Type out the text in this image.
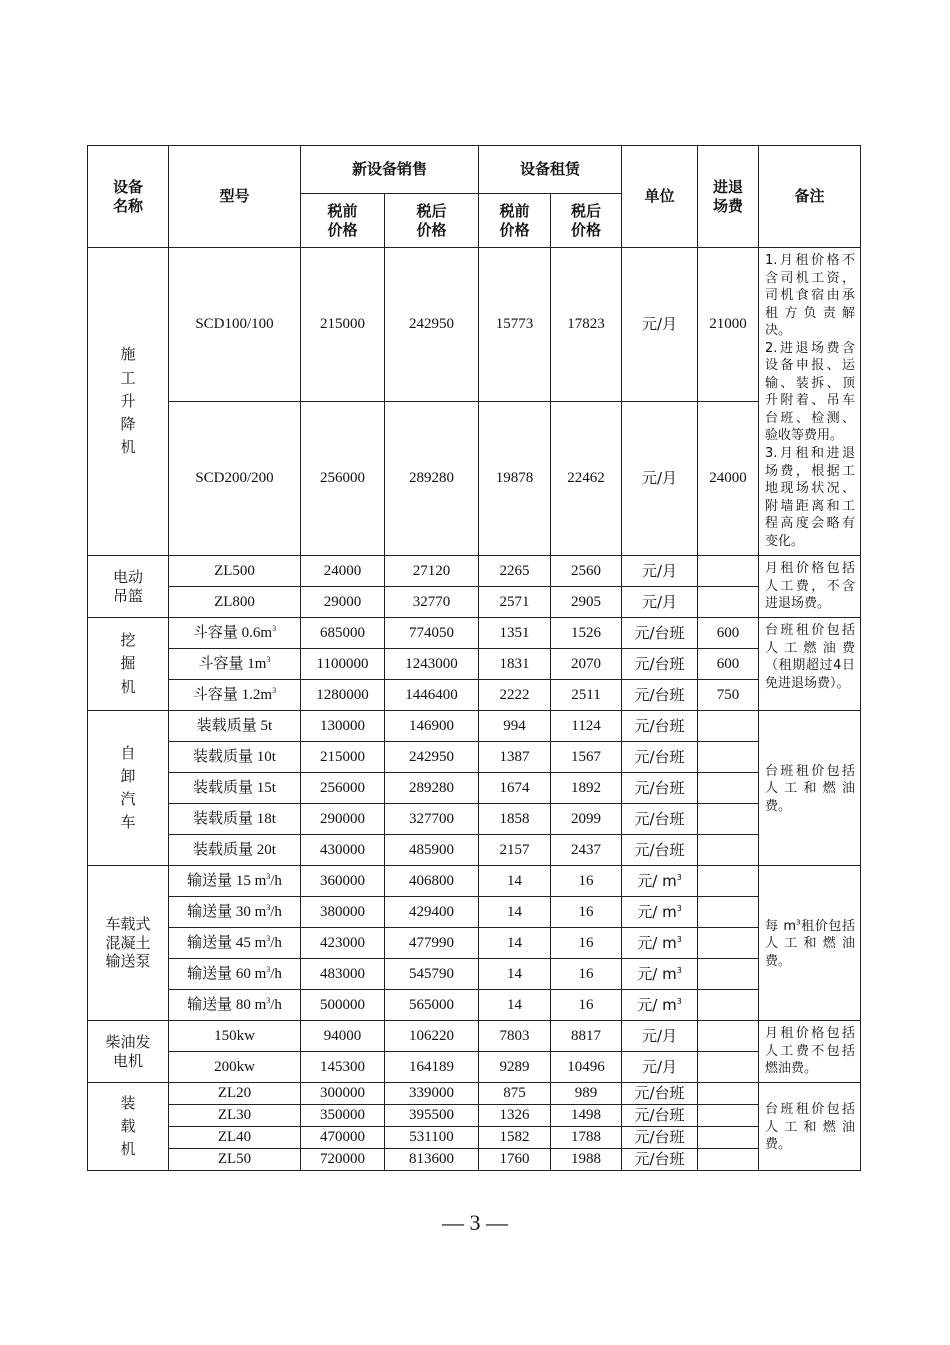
设备名称	型号	新设备销售		设备租赁		单位	进退场费	备注
		税前价格	税后价格	税前价格	税后价格			
施工升降机	SCD100/100	215000	242950	15773	17823	元/月	21000	1.月租价格不含司机工资，司机食宿由承租方负责解决。

2.进退场费含设备申报、运输、装拆、顶升附着、吊车台班、检测、验收等费用。

3.月租和进退场费，根据工地现场状况、附墙距离和工程高度会略有变化。

	SCD200/200	256000	289280	19878	22462	元/月	24000	
电动吊篮	ZL500	24000	27120	2265	2560	元/月		月租价格包括人工费，不含进退场费。
	ZL800	29000	32770	2571	2905	元/月		
挖掘机	斗容量 $0.6m^3$	685000	774050	1351	1526	元/台班	600	台班租价包括人工燃油费（租期超过4日免进退场费）。
	斗容量 $1m^3$	1100000	1243000	1831	2070	元/台班	600	
	斗容量 $1.2m^3$	1280000	1446400	2222	2511	元/台班	750	
自卸汽车	装载质量 5t	130000	146900	994	1124	元/台班		台班租价包括人工和燃油费。
	装载质量 10t	215000	242950	1387	1567	元/台班		
	装载质量 15t	256000	289280	1674	1892	元/台班		
	装载质量 18t	290000	327700	1858	2099	元/台班		
	装载质量 20t	430000	485900	2157	2437	元/台班		
车载式混凝土输送泵	输送量 15 $m^3/h$	360000	406800	14	16	元/ $m^3$		每 $m^3$租价包括人工和燃油费。
	输送量 30 $m^3/h$	380000	429400	14	16	元/ $m^3$	
	输送量 45 $m^3/h$	423000	477990	14	16	元/ $m^3$	
	输送量 60 $m^3/h$	483000	545790	14	16	元/ $m^3$	
	输送量 80 $m^3/h$	500000	565000	14	16	元/ $m^3$	
柴油发电机	150kw	94000	106220	7803	8817	元/月		月租价格包括人工费不包括燃油费。
	200kw	145300	164189	9289	10496	元/月		
装载机	ZL20	300000	339000	875	989	元/台班		台班租价包括人工和燃油费。
	ZL30	350000	395500	1326	1498	元/台班		
	ZL40	470000	531100	1582	1788	元/台班		
	ZL50	720000	813600	1760	1988	元/台班		
— 3 —
